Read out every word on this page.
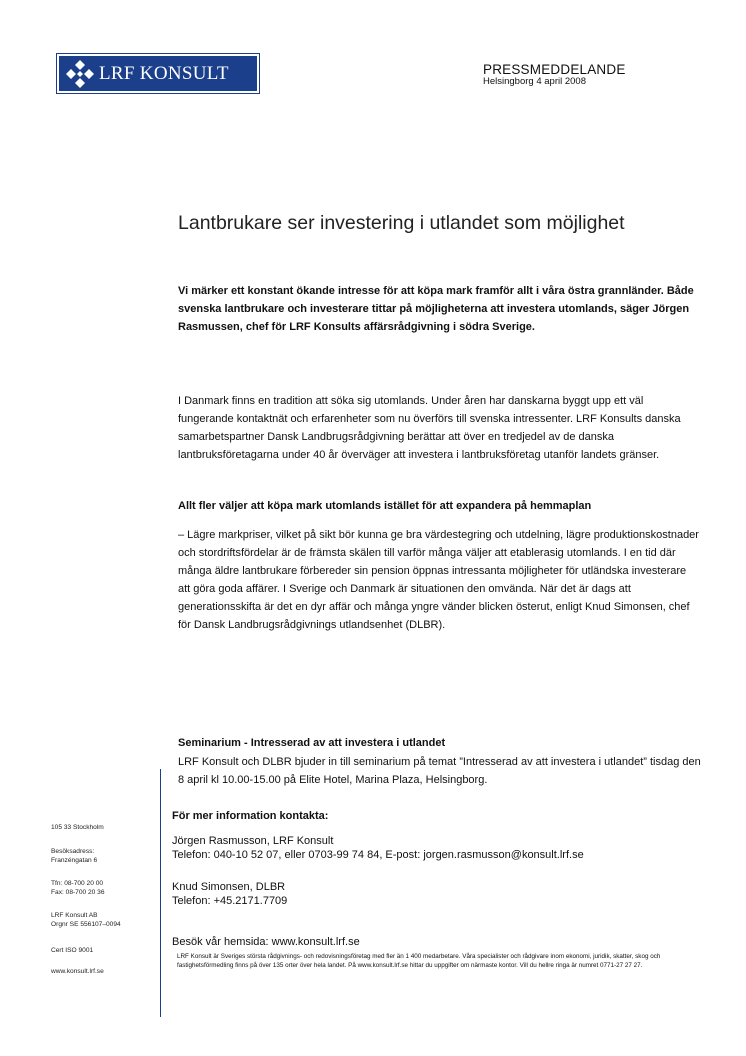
LRF KONSULT	PRESSMEDDELANDE
Helsingborg 4 april 2008
Lantbrukare ser investering i utlandet som möjlighet
Vi märker ett konstant ökande intresse för att köpa mark framför allt i våra östra grannländer. Både svenska lantbrukare och investerare tittar på möjligheterna att investera utomlands, säger Jörgen Rasmussen, chef för LRF Konsults affärsrådgivning i södra Sverige.
I Danmark finns en tradition att söka sig utomlands. Under åren har danskarna byggt upp ett väl fungerande kontaktnät och erfarenheter som nu överförs till svenska intressenter. LRF Konsults danska samarbetspartner Dansk Landbrugsrådgivning berättar att över en tredjedel av de danska lantbruksföretagarna under 40 år överväger att investera i lantbruksföretag utanför landets gränser.
Allt fler väljer att köpa mark utomlands istället för att expandera på hemmaplan
– Lägre markpriser, vilket på sikt bör kunna ge bra värdestegring och utdelning, lägre produktionskostnader och stordriftsfördelar är de främsta skälen till varför många väljer att etablerasig utomlands. I en tid där många äldre lantbrukare förbereder sin pension öppnas intressanta möjligheter för utländska investerare att göra goda affärer. I Sverige och Danmark är situationen den omvända. När det är dags att generationsskifta är det en dyr affär och många yngre vänder blicken österut, enligt Knud Simonsen, chef för Dansk Landbrugsrådgivnings utlandsenhet (DLBR).
Seminarium - Intresserad av att investera i utlandet
LRF Konsult och DLBR bjuder in till seminarium på temat ”Intresserad av att investera i utlandet” tisdag den 8 april kl 10.00-15.00 på Elite Hotel, Marina Plaza, Helsingborg.
För mer information kontakta:
Jörgen Rasmusson, LRF Konsult
Telefon: 040-10 52 07, eller 0703-99 74 84, E-post: jorgen.rasmusson@konsult.lrf.se
Knud Simonsen, DLBR
Telefon: +45.2171.7709
Besök vår hemsida: www.konsult.lrf.se
LRF Konsult är Sveriges största rådgivnings- och redovisningsföretag med fler än 1 400 medarbetare. Våra specialister och rådgivare inom ekonomi, juridik, skatter, skog och fastighetsförmedling finns på över 135 orter över hela landet. På www.konsult.lrf.se hittar du uppgifter om närmaste kontor. Vill du hellre ringa är numret 0771-27 27 27.
105 33 Stockholm
Besöksadress:
Franzéngatan 6
Tfn: 08-700 20 00
Fax: 08-700 20 36
LRF Konsult AB
Orgnr SE 556107–0094
Cert ISO 9001
www.konsult.lrf.se
